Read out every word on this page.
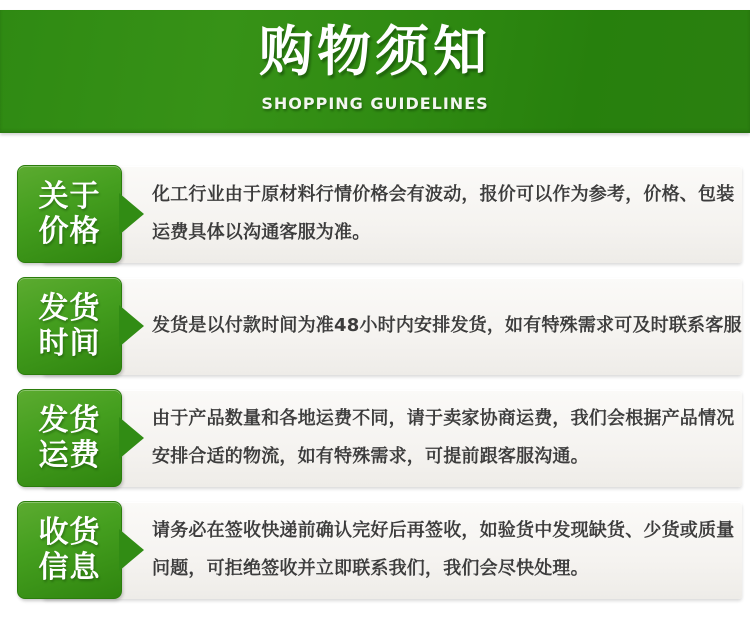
购物须知
SHOPPING GUIDELINES
关于
价格
化工行业由于原材料行情价格会有波动，报价可以作为参考，价格、包装
运费具体以沟通客服为准。
发货
时间
发货是以付款时间为准48小时内安排发货，如有特殊需求可及时联系客服
发货
运费
由于产品数量和各地运费不同，请于卖家协商运费，我们会根据产品情况
安排合适的物流，如有特殊需求，可提前跟客服沟通。
收货
信息
请务必在签收快递前确认完好后再签收，如验货中发现缺货、少货或质量
问题，可拒绝签收并立即联系我们，我们会尽快处理。
